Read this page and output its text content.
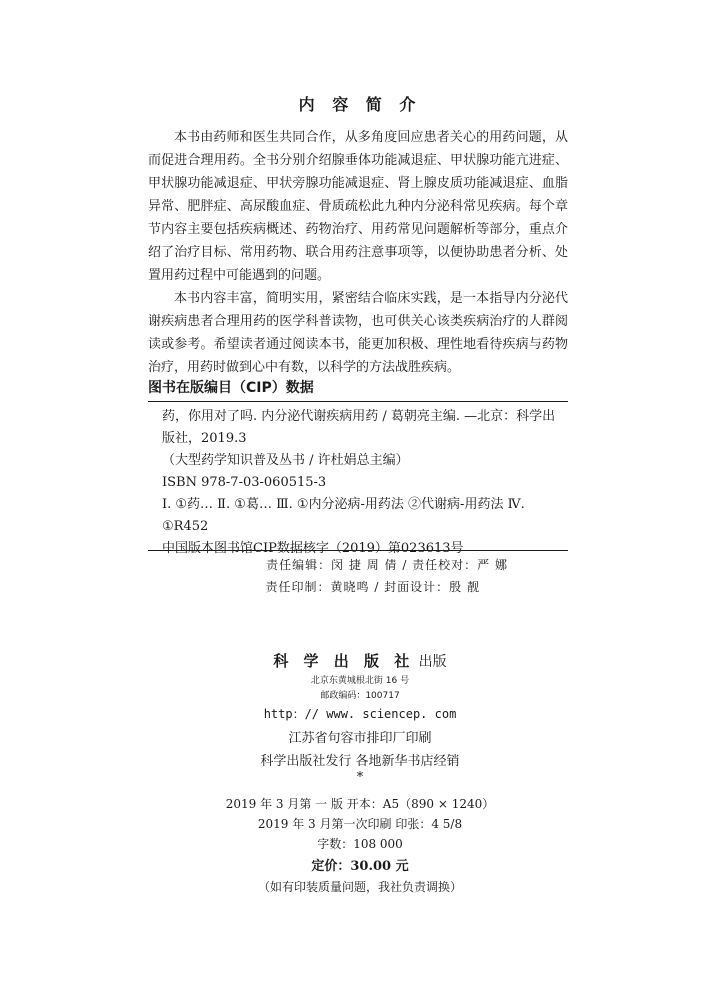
内 容 简 介

本书由药师和医生共同合作，从多角度回应患者关心的用药问题，从而促进合理用药。全书分别介绍腺垂体功能减退症、甲状腺功能亢进症、甲状腺功能减退症、甲状旁腺功能减退症、肾上腺皮质功能减退症、血脂异常、肥胖症、高尿酸血症、骨质疏松此九种内分泌科常见疾病。每个章节内容主要包括疾病概述、药物治疗、用药常见问题解析等部分，重点介绍了治疗目标、常用药物、联合用药注意事项等，以便协助患者分析、处置用药过程中可能遇到的问题。

本书内容丰富，简明实用，紧密结合临床实践，是一本指导内分泌代谢疾病患者合理用药的医学科普读物，也可供关心该类疾病治疗的人群阅读或参考。希望读者通过阅读本书，能更加积极、理性地看待疾病与药物治疗，用药时做到心中有数，以科学的方法战胜疾病。

图书在版编目（CIP）数据
药，你用对了吗. 内分泌代谢疾病用药 / 葛朝亮主编. —北京：科学出版社，2019.3
（大型药学知识普及丛书 / 许杜娟总主编）
ISBN 978-7-03-060515-3
Ⅰ. ①药… Ⅱ. ①葛… Ⅲ. ①内分泌病-用药法 ②代谢病-用药法 Ⅳ. ①R452
中国版本图书馆CIP数据核字（2019）第023613号
责任编辑：闵 捷 周 倩 / 责任校对：严 娜
责任印制：黄晓鸣 / 封面设计：殷 靓
科 学 出 版 社 出版
北京东黄城根北街 16 号
邮政编码：100717
http：// www. sciencep. com
江苏省句容市排印厂印刷
科学出版社发行 各地新华书店经销
*
2019 年 3 月第 一 版 开本：A5（890 × 1240）
2019 年 3 月第一次印刷 印张：4 5/8
字数：108 000
定价：30.00 元
（如有印装质量问题，我社负责调换）
